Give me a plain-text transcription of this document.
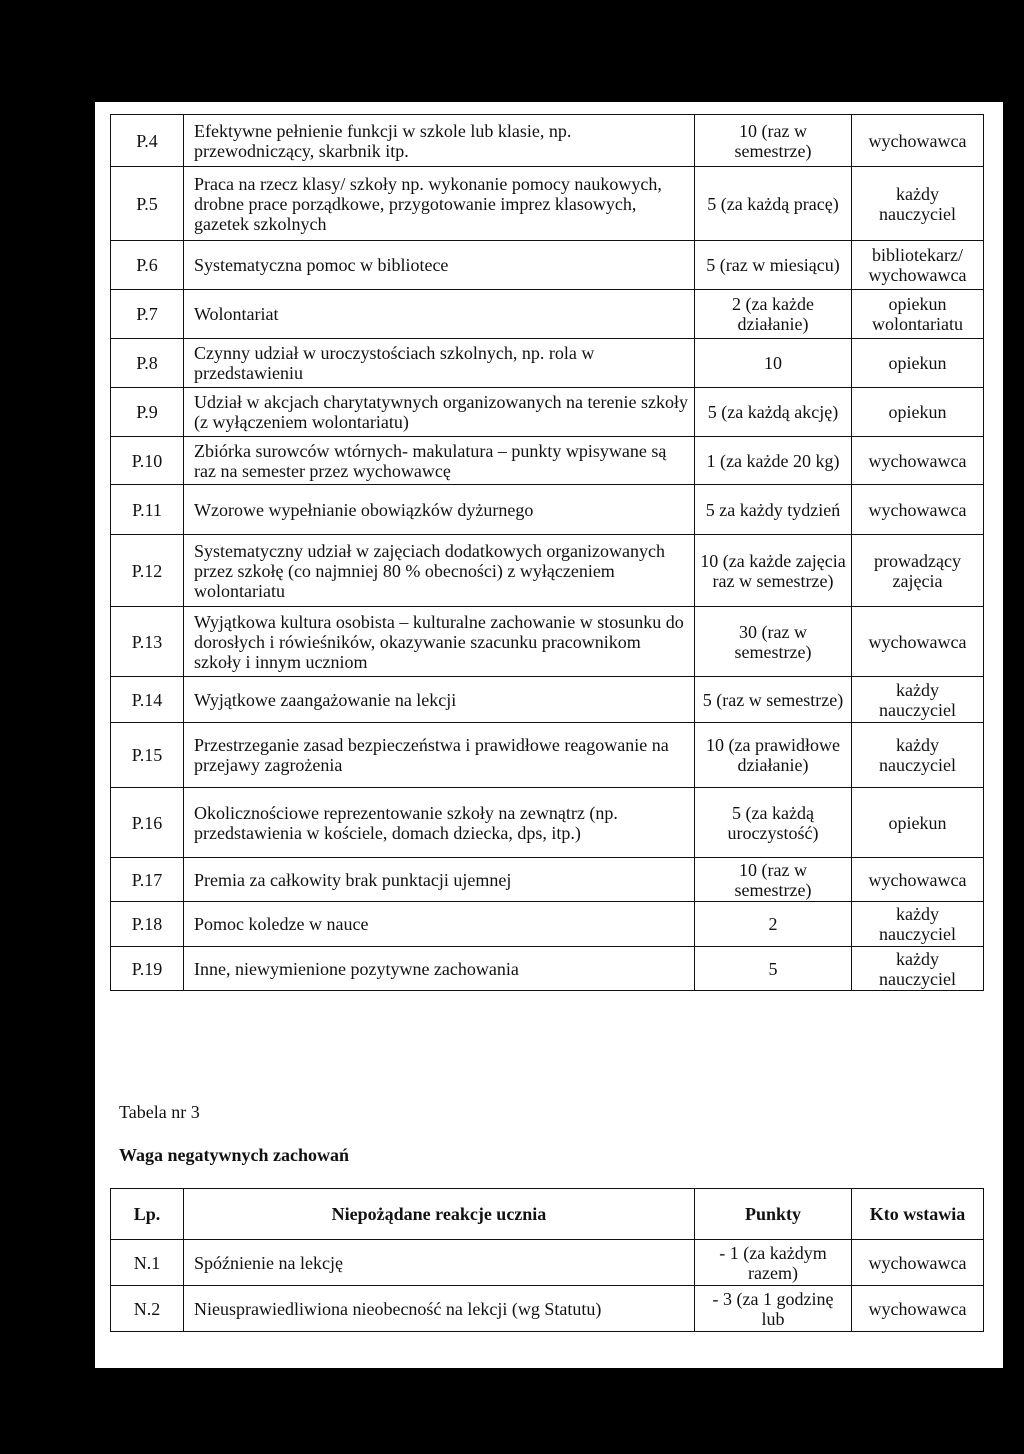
P.4	Efektywne pełnienie funkcji w szkole lub klasie, np. przewodniczący, skarbnik itp.	10 (raz w semestrze)	wychowawca
P.5	Praca na rzecz klasy/ szkoły np. wykonanie pomocy naukowych, drobne prace porządkowe, przygotowanie imprez klasowych, gazetek szkolnych	5 (za każdą pracę)	każdy nauczyciel
P.6	Systematyczna pomoc w bibliotece	5 (raz w miesiącu)	bibliotekarz/ wychowawca
P.7	Wolontariat	2 (za każde działanie)	opiekun wolontariatu
P.8	Czynny udział w uroczystościach szkolnych, np. rola w przedstawieniu	10	opiekun
P.9	Udział w akcjach charytatywnych organizowanych na terenie szkoły (z wyłączeniem wolontariatu)	5 (za każdą akcję)	opiekun
P.10	Zbiórka surowców wtórnych- makulatura – punkty wpisywane są raz na semester przez wychowawcę	1 (za każde 20 kg)	wychowawca
P.11	Wzorowe wypełnianie obowiązków dyżurnego	5 za każdy tydzień	wychowawca
P.12	Systematyczny udział w zajęciach dodatkowych organizowanych przez szkołę (co najmniej 80 % obecności) z wyłączeniem wolontariatu	10 (za każde zajęcia raz w semestrze)	prowadzący zajęcia
P.13	Wyjątkowa kultura osobista – kulturalne zachowanie w stosunku do dorosłych i rówieśników, okazywanie szacunku pracownikom szkoły i innym uczniom	30 (raz w semestrze)	wychowawca
P.14	Wyjątkowe zaangażowanie na lekcji	5 (raz w semestrze)	każdy nauczyciel
P.15	Przestrzeganie zasad bezpieczeństwa i prawidłowe reagowanie na przejawy zagrożenia	10 (za prawidłowe działanie)	każdy nauczyciel
P.16	Okolicznościowe reprezentowanie szkoły na zewnątrz (np. przedstawienia w kościele, domach dziecka, dps, itp.)	5 (za każdą uroczystość)	opiekun
P.17	Premia za całkowity brak punktacji ujemnej	10 (raz w semestrze)	wychowawca
P.18	Pomoc koledze w nauce	2	każdy nauczyciel
P.19	Inne, niewymienione pozytywne zachowania	5	każdy nauczyciel
Tabela nr 3
Waga negatywnych zachowań
Lp.	Niepożądane reakcje ucznia	Punkty	Kto wstawia
N.1	Spóźnienie na lekcję	- 1 (za każdym razem)	wychowawca
N.2	Nieusprawiedliwiona nieobecność na lekcji (wg Statutu)	- 3 (za 1 godzinę lub	wychowawca
